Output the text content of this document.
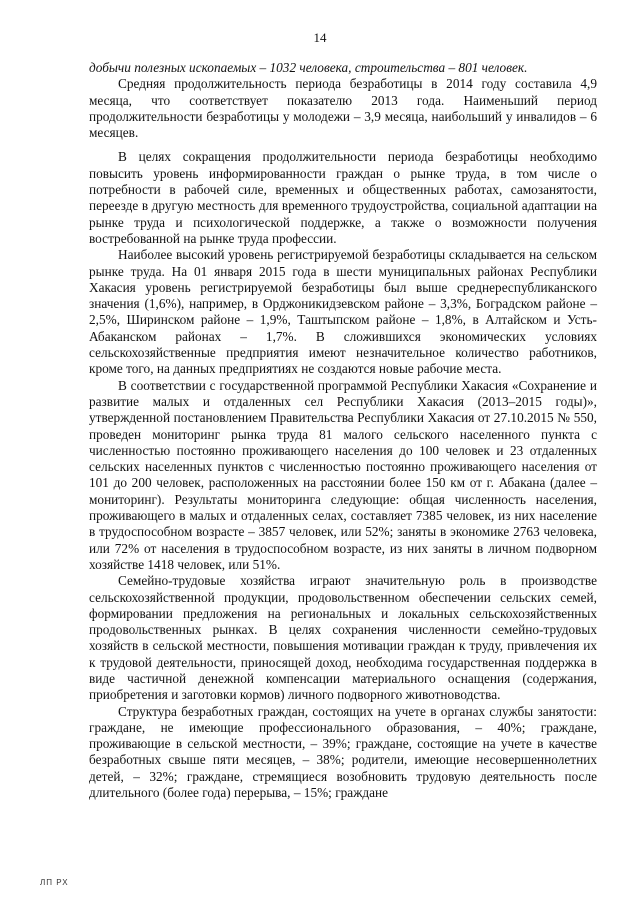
14

добычи полезных ископаемых – 1032 человека, строительства – 801 человек.

Средняя продолжительность периода безработицы в 2014 году составила 4,9 месяца, что соответствует показателю 2013 года. Наименьший период продолжительности безработицы у молодежи – 3,9 месяца, наибольший у инвалидов – 6 месяцев.

В целях сокращения продолжительности периода безработицы необходимо повысить уровень информированности граждан о рынке труда, в том числе о потребности в рабочей силе, временных и общественных работах, самозанятости, переезде в другую местность для временного трудоустройства, социальной адаптации на рынке труда и психологической поддержке, а также о возможности получения востребованной на рынке труда профессии.

Наиболее высокий уровень регистрируемой безработицы складывается на сельском рынке труда. На 01 января 2015 года в шести муниципальных районах Республики Хакасия уровень регистрируемой безработицы был выше среднереспубликанского значения (1,6%), например, в Орджоникидзевском районе – 3,3%, Боградском районе – 2,5%, Ширинском районе – 1,9%, Таштыпском районе – 1,8%, в Алтайском и Усть-Абаканском районах – 1,7%. В сложившихся экономических условиях сельскохозяйственные предприятия имеют незначительное количество работников, кроме того, на данных предприятиях не создаются новые рабочие места.

В соответствии с государственной программой Республики Хакасия «Сохранение и развитие малых и отдаленных сел Республики Хакасия (2013–2015 годы)», утвержденной постановлением Правительства Республики Хакасия от 27.10.2015 № 550, проведен мониторинг рынка труда 81 малого сельского населенного пункта с численностью постоянно проживающего населения до 100 человек и 23 отдаленных сельских населенных пунктов с численностью постоянно проживающего населения от 101 до 200 человек, расположенных на расстоянии более 150 км от г. Абакана (далее – мониторинг). Результаты мониторинга следующие: общая численность населения, проживающего в малых и отдаленных селах, составляет 7385 человек, из них население в трудоспособном возрасте – 3857 человек, или 52%; заняты в экономике 2763 человека, или 72% от населения в трудоспособном возрасте, из них заняты в личном подворном хозяйстве 1418 человек, или 51%.

Семейно-трудовые хозяйства играют значительную роль в производстве сельскохозяйственной продукции, продовольственном обеспечении сельских семей, формировании предложения на региональных и локальных сельскохозяйственных продовольственных рынках. В целях сохранения численности семейно-трудовых хозяйств в сельской местности, повышения мотивации граждан к труду, привлечения их к трудовой деятельности, приносящей доход, необходима государственная поддержка в виде частичной денежной компенсации материального оснащения (содержания, приобретения и заготовки кормов) личного подворного животноводства.

Структура безработных граждан, состоящих на учете в органах службы занятости: граждане, не имеющие профессионального образования, – 40%; граждане, проживающие в сельской местности, – 39%; граждане, состоящие на учете в качестве безработных свыше пяти месяцев, – 38%; родители, имеющие несовершеннолетних детей, – 32%; граждане, стремящиеся возобновить трудовую деятельность после длительного (более года) перерыва, – 15%; граждане

ЛП РХ
